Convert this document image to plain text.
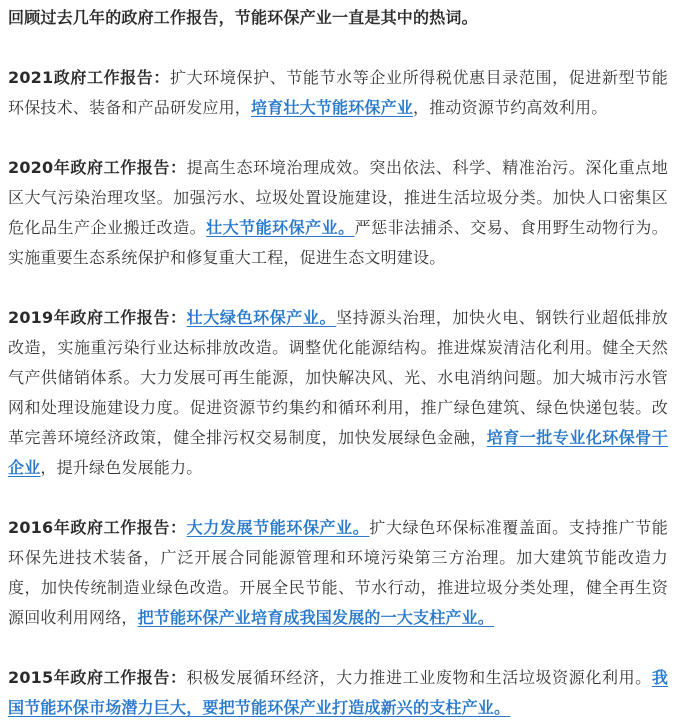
回顾过去几年的政府工作报告，节能环保产业一直是其中的热词。

2021政府工作报告：扩大环境保护、节能节水等企业所得税优惠目录范围，促进新型节能环保技术、装备和产品研发应用，培育壮大节能环保产业，推动资源节约高效利用。

2020年政府工作报告：提高生态环境治理成效。突出依法、科学、精准治污。深化重点地区大气污染治理攻坚。加强污水、垃圾处置设施建设，推进生活垃圾分类。加快人口密集区危化品生产企业搬迁改造。壮大节能环保产业。严惩非法捕杀、交易、食用野生动物行为。实施重要生态系统保护和修复重大工程，促进生态文明建设。

2019年政府工作报告：壮大绿色环保产业。坚持源头治理，加快火电、钢铁行业超低排放改造，实施重污染行业达标排放改造。调整优化能源结构。推进煤炭清洁化利用。健全天然气产供储销体系。大力发展可再生能源，加快解决风、光、水电消纳问题。加大城市污水管网和处理设施建设力度。促进资源节约集约和循环利用，推广绿色建筑、绿色快递包装。改革完善环境经济政策，健全排污权交易制度，加快发展绿色金融，培育一批专业化环保骨干企业，提升绿色发展能力。

2016年政府工作报告：大力发展节能环保产业。扩大绿色环保标准覆盖面。支持推广节能环保先进技术装备，广泛开展合同能源管理和环境污染第三方治理。加大建筑节能改造力度，加快传统制造业绿色改造。开展全民节能、节水行动，推进垃圾分类处理，健全再生资源回收利用网络，把节能环保产业培育成我国发展的一大支柱产业。

2015年政府工作报告：积极发展循环经济，大力推进工业废物和生活垃圾资源化利用。我国节能环保市场潜力巨大，要把节能环保产业打造成新兴的支柱产业。
